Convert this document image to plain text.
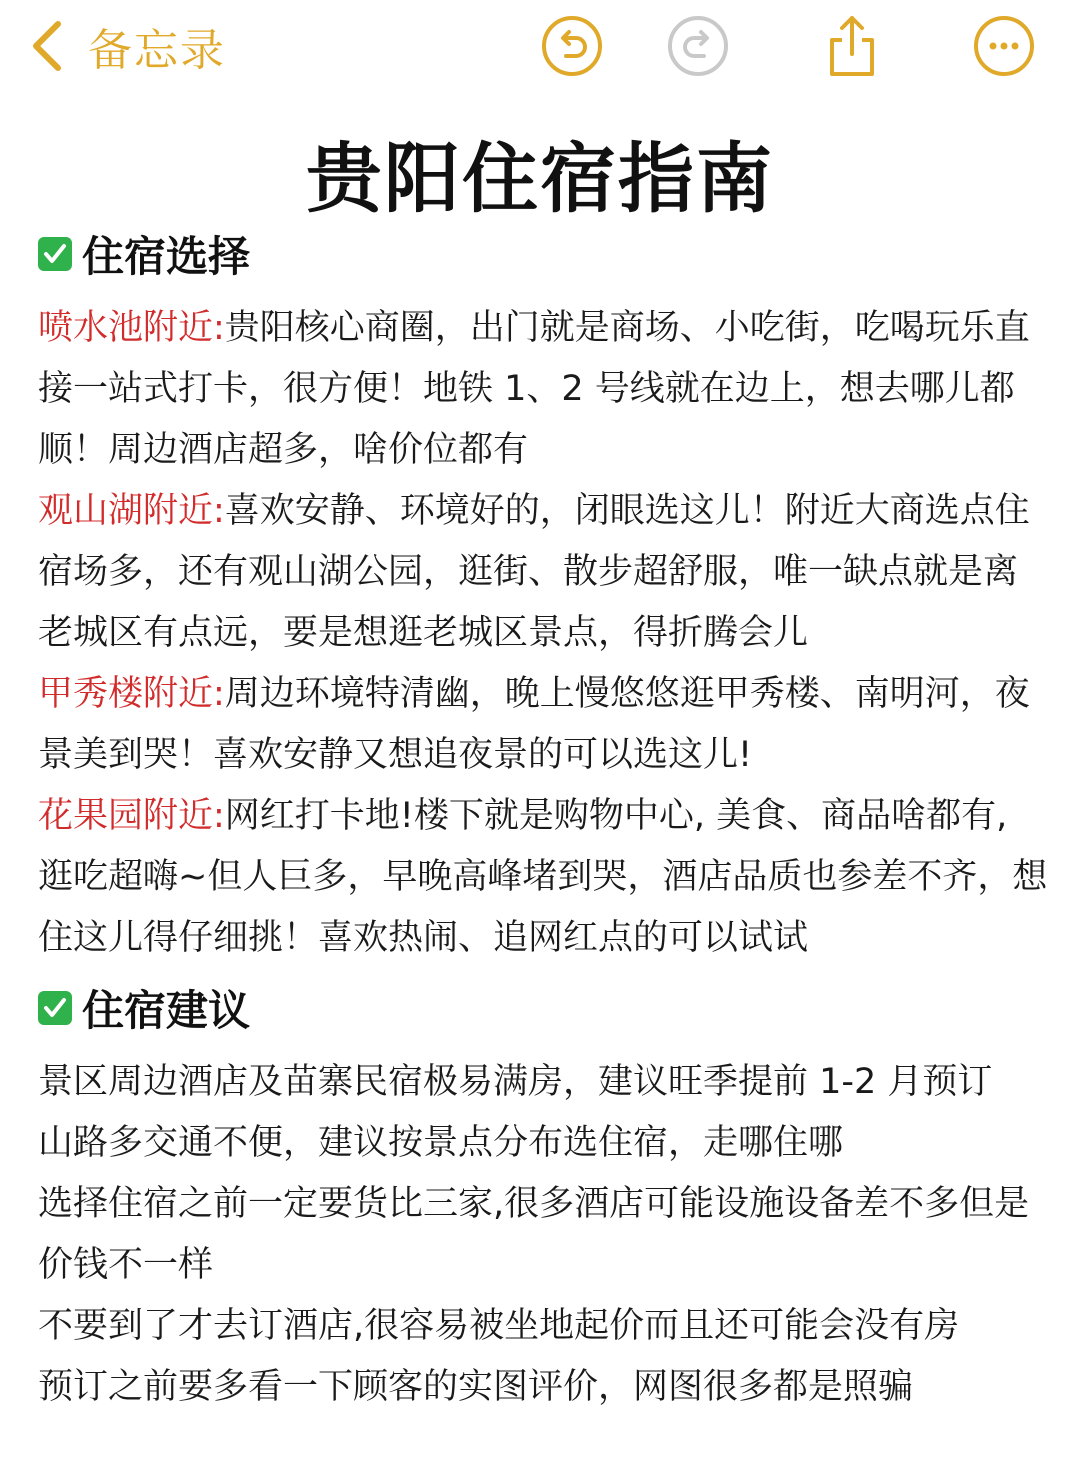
备忘录
贵阳住宿指南
住宿选择

喷水池附近:贵阳核心商圈，出门就是商场、小吃街，吃喝玩乐直接一站式打卡，很方便！地铁 1、2 号线就在边上，想去哪儿都顺！周边酒店超多，啥价位都有

观山湖附近:喜欢安静、环境好的，闭眼选这儿！附近大商选点住宿场多，还有观山湖公园，逛街、散步超舒服，唯一缺点就是离老城区有点远，要是想逛老城区景点，得折腾会儿

甲秀楼附近:周边环境特清幽，晚上慢悠悠逛甲秀楼、南明河，夜景美到哭！喜欢安静又想追夜景的可以选这儿!

花果园附近:网红打卡地!楼下就是购物中心, 美食、商品啥都有, 逛吃超嗨~但人巨多，早晚高峰堵到哭，酒店品质也参差不齐，想住这儿得仔细挑！喜欢热闹、追网红点的可以试试

住宿建议

景区周边酒店及苗寨民宿极易满房，建议旺季提前 1-2 月预订

山路多交通不便，建议按景点分布选住宿，走哪住哪

选择住宿之前一定要货比三家,很多酒店可能设施设备差不多但是价钱不一样

不要到了才去订酒店,很容易被坐地起价而且还可能会没有房

预订之前要多看一下顾客的实图评价，网图很多都是照骗
